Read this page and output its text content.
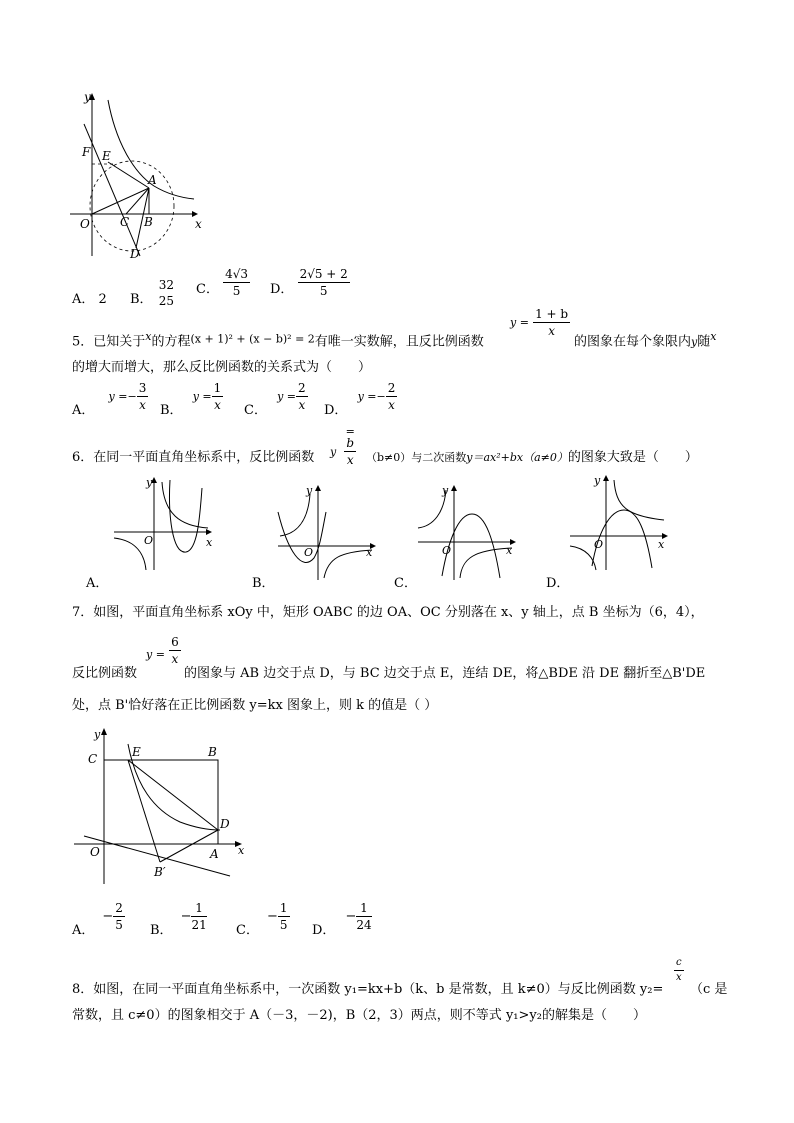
y
x
O
F E
A
B
C
D
A． 2 B．
32
25
C． $\frac{4√3}{5}$ D． $\frac{2√5 + 2}{5}$
5．已知关于$^x$的方程$^{(x + 1)^2 + (x - b)^2 = 2}$有唯一实数解，且反比例函数
$y = \frac{1 + b}{x}$
的图象在每个象限内y随$^x$
的增大而增大，那么反比例函数的关系式为（　　）
A． $y =- \frac{3}{x}$ B． $y = \frac{1}{x}$ C． $y = \frac{2}{x}$ D． $y =- \frac{2}{x}$
6．在同一平面直角坐标系中，反比例函数 $_y$
=
b
x （b≠0）与二次函数y＝ax²+bx（a≠0）的图象大致是（　　）
y
x
O
A．
y
x
O
B．
y
x
O
C．
y
x
O
D．
7．如图，平面直角坐标系 xOy 中，矩形 OABC 的边 OA、OC 分别落在 x、y 轴上，点 B 坐标为（6，4），
反比例函数
$_{y =} \frac{6}{x}$
的图象与 AB 边交于点 D，与 BC 边交于点 E，连结 DE，将△BDE 沿 DE 翻折至△B'DE
处，点 B'恰好落在正比例函数 y=kx 图象上，则 k 的值是（ ）
y
x
O
C	E	B
D
A
B′
A．− $\frac{2}{5}$ B．− $\frac{1}{21}$ C．− $\frac{1}{5}$ D．− $\frac{1}{24}$
8．如图，在同一平面直角坐标系中，一次函数 y₁=kx+b（k、b 是常数，且 k≠0）与反比例函数 y₂=
$\frac{c}{x}$
（c 是
常数，且 c≠0）的图象相交于 A（－3，－2)，B（2，3）两点，则不等式 y₁>y₂的解集是（　　）
